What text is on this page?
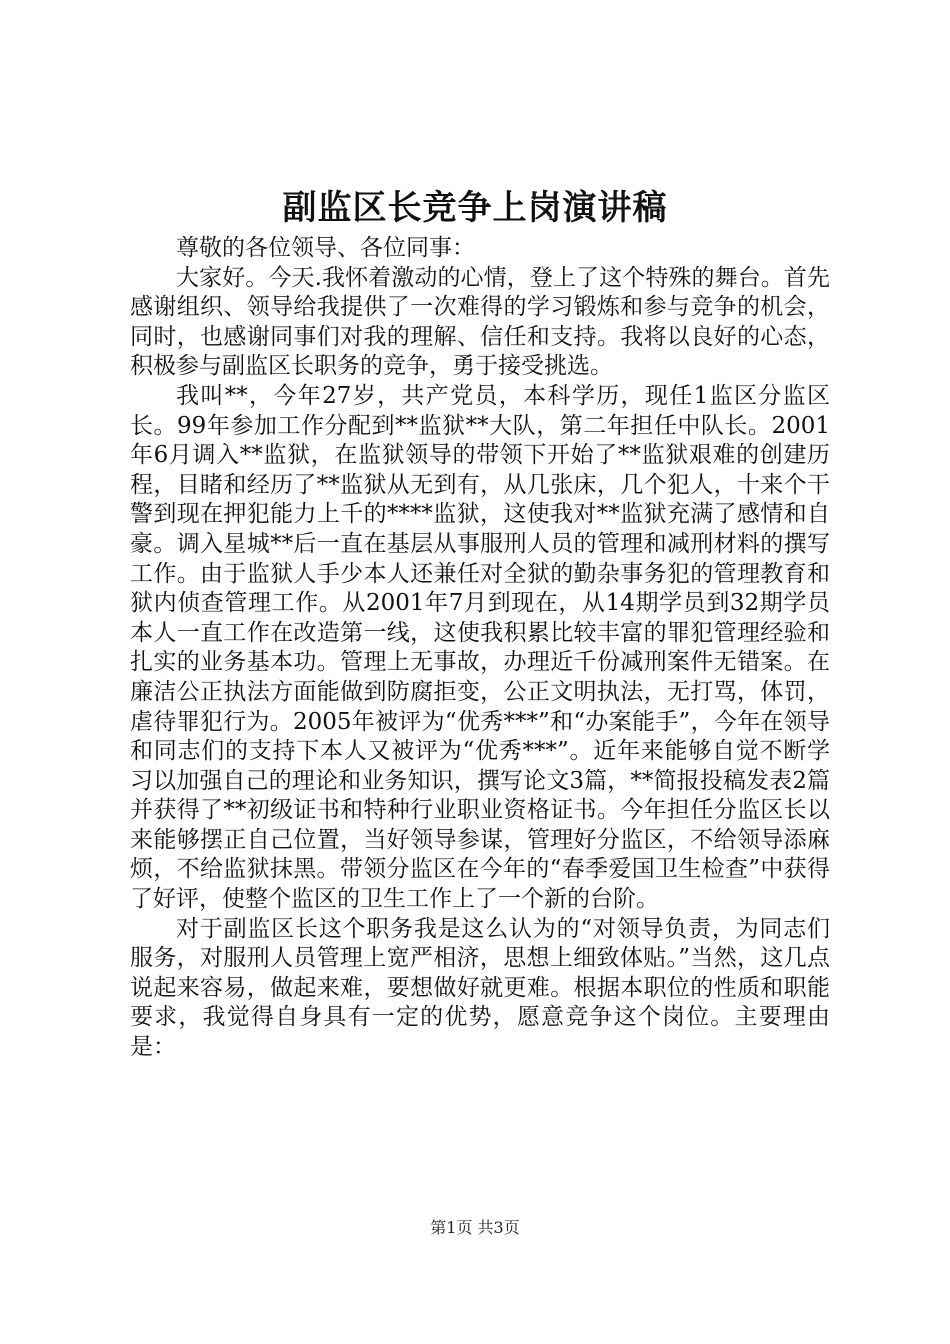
副监区长竞争上岗演讲稿

尊敬的各位领导、各位同事：

大家好。今天.我怀着激动的心情，登上了这个特殊的舞台。首先感谢组织、领导给我提供了一次难得的学习锻炼和参与竞争的机会，同时，也感谢同事们对我的理解、信任和支持。我将以良好的心态，积极参与副监区长职务的竞争，勇于接受挑选。

我叫**，今年27岁，共产党员，本科学历，现任1监区分监区长。99年参加工作分配到**监狱**大队，第二年担任中队长。2001年6月调入**监狱，在监狱领导的带领下开始了**监狱艰难的创建历程，目睹和经历了**监狱从无到有，从几张床，几个犯人，十来个干警到现在押犯能力上千的****监狱，这使我对**监狱充满了感情和自豪。调入星城**后一直在基层从事服刑人员的管理和减刑材料的撰写工作。由于监狱人手少本人还兼任对全狱的勤杂事务犯的管理教育和狱内侦查管理工作。从2001年7月到现在，从14期学员到32期学员本人一直工作在改造第一线，这使我积累比较丰富的罪犯管理经验和扎实的业务基本功。管理上无事故，办理近千份减刑案件无错案。在廉洁公正执法方面能做到防腐拒变，公正文明执法，无打骂，体罚，虐待罪犯行为。2005年被评为“优秀***”和“办案能手”，今年在领导和同志们的支持下本人又被评为“优秀***”。近年来能够自觉不断学习以加强自己的理论和业务知识，撰写论文3篇，**简报投稿发表2篇并获得了**初级证书和特种行业职业资格证书。今年担任分监区长以来能够摆正自己位置，当好领导参谋，管理好分监区，不给领导添麻烦，不给监狱抹黑。带领分监区在今年的“春季爱国卫生检查”中获得了好评，使整个监区的卫生工作上了一个新的台阶。

对于副监区长这个职务我是这么认为的“对领导负责，为同志们服务，对服刑人员管理上宽严相济，思想上细致体贴。”当然，这几点说起来容易，做起来难，要想做好就更难。根据本职位的性质和职能要求，我觉得自身具有一定的优势，愿意竞争这个岗位。主要理由是：

第1页 共3页
